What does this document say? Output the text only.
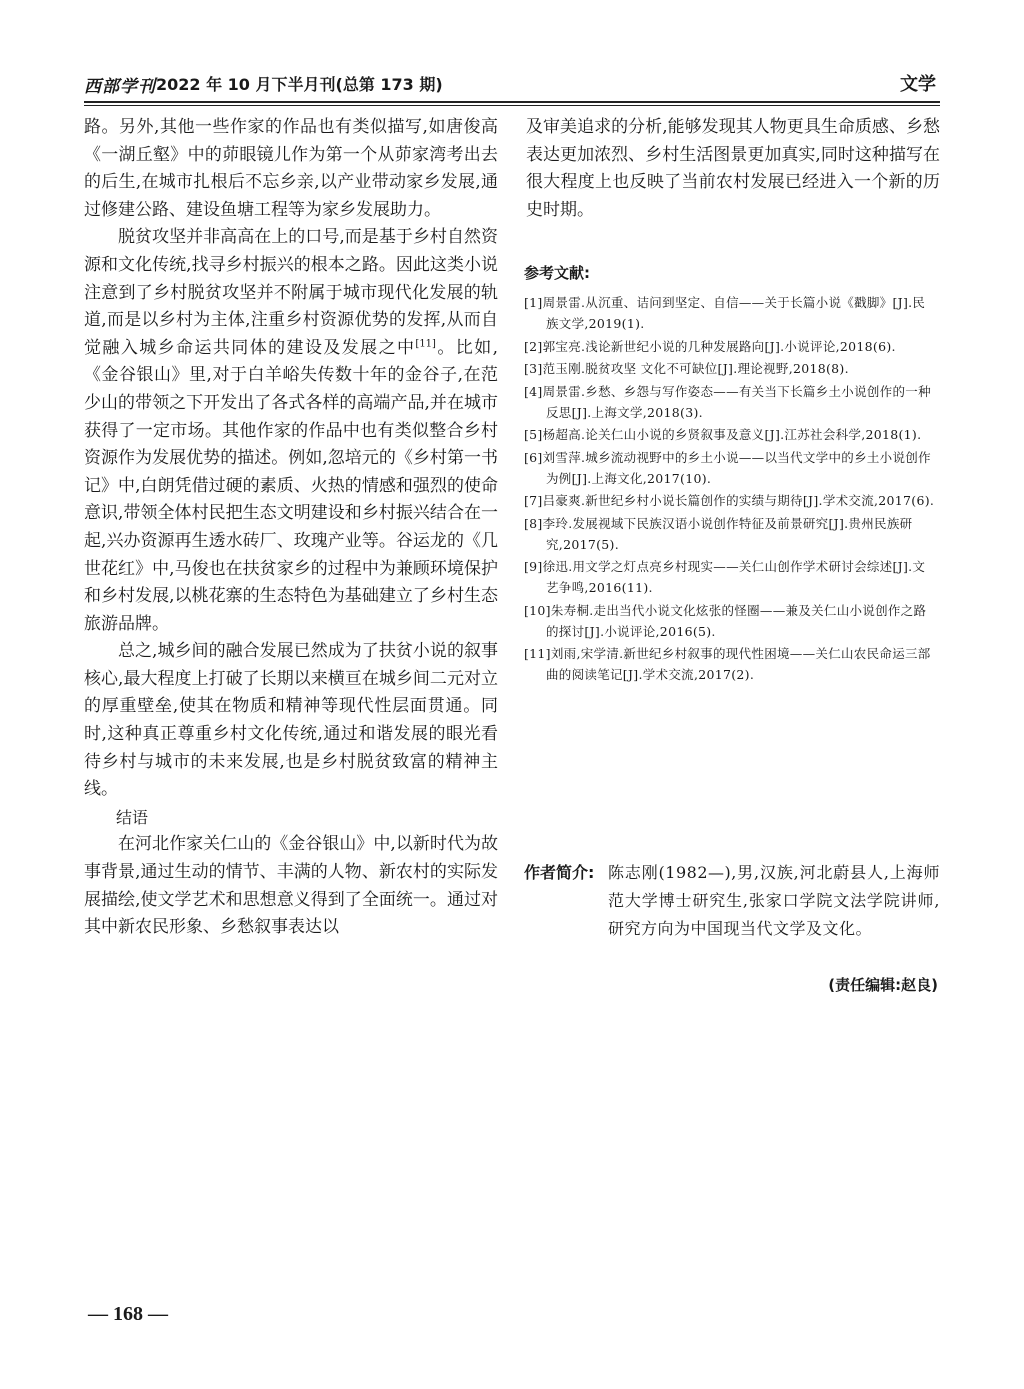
西部学刊 2022 年 10 月下半月刊(总第 173 期)	文学

路。另外,其他一些作家的作品也有类似描写,如唐俊高《一湖丘壑》中的茆眼镜儿作为第一个从茆家湾考出去的后生,在城市扎根后不忘乡亲,以产业带动家乡发展,通过修建公路、建设鱼塘工程等为家乡发展助力。

脱贫攻坚并非高高在上的口号,而是基于乡村自然资源和文化传统,找寻乡村振兴的根本之路。因此这类小说注意到了乡村脱贫攻坚并不附属于城市现代化发展的轨道,而是以乡村为主体,注重乡村资源优势的发挥,从而自觉融入城乡命运共同体的建设及发展之中[11]。比如,《金谷银山》里,对于白羊峪失传数十年的金谷子,在范少山的带领之下开发出了各式各样的高端产品,并在城市获得了一定市场。其他作家的作品中也有类似整合乡村资源作为发展优势的描述。例如,忽培元的《乡村第一书记》中,白朗凭借过硬的素质、火热的情感和强烈的使命意识,带领全体村民把生态文明建设和乡村振兴结合在一起,兴办资源再生透水砖厂、玫瑰产业等。谷运龙的《几世花红》中,马俊也在扶贫家乡的过程中为兼顾环境保护和乡村发展,以桃花寨的生态特色为基础建立了乡村生态旅游品牌。

总之,城乡间的融合发展已然成为了扶贫小说的叙事核心,最大程度上打破了长期以来横亘在城乡间二元对立的厚重壁垒,使其在物质和精神等现代性层面贯通。同时,这种真正尊重乡村文化传统,通过和谐发展的眼光看待乡村与城市的未来发展,也是乡村脱贫致富的精神主线。

结语

在河北作家关仁山的《金谷银山》中,以新时代为故事背景,通过生动的情节、丰满的人物、新农村的实际发展描绘,使文学艺术和思想意义得到了全面统一。通过对其中新农民形象、乡愁叙事表达以

及审美追求的分析,能够发现其人物更具生命质感、乡愁表达更加浓烈、乡村生活图景更加真实,同时这种描写在很大程度上也反映了当前农村发展已经进入一个新的历史时期。

参考文献:

[1]周景雷.从沉重、诘问到坚定、自信——关于长篇小说《戳脚》[J].民族文学,2019(1).

[2]郭宝亮.浅论新世纪小说的几种发展路向[J].小说评论,2018(6).

[3]范玉刚.脱贫攻坚 文化不可缺位[J].理论视野,2018(8).

[4]周景雷.乡愁、乡怨与写作姿态——有关当下长篇乡土小说创作的一种反思[J].上海文学,2018(3).

[5]杨超高.论关仁山小说的乡贤叙事及意义[J].江苏社会科学,2018(1).

[6]刘雪萍.城乡流动视野中的乡土小说——以当代文学中的乡土小说创作为例[J].上海文化,2017(10).

[7]吕豪爽.新世纪乡村小说长篇创作的实绩与期待[J].学术交流,2017(6).

[8]李玲.发展视域下民族汉语小说创作特征及前景研究[J].贵州民族研究,2017(5).

[9]徐迅.用文学之灯点亮乡村现实——关仁山创作学术研讨会综述[J].文艺争鸣,2016(11).

[10]朱寿桐.走出当代小说文化炫张的怪圈——兼及关仁山小说创作之路的探讨[J].小说评论,2016(5).

[11]刘雨,宋学清.新世纪乡村叙事的现代性困境——关仁山农民命运三部曲的阅读笔记[J].学术交流,2017(2).

作者简介: 陈志刚(1982—),男,汉族,河北蔚县人,上海师范大学博士研究生,张家口学院文法学院讲师,研究方向为中国现当代文学及文化。
(责任编辑:赵良)
— 168 —
